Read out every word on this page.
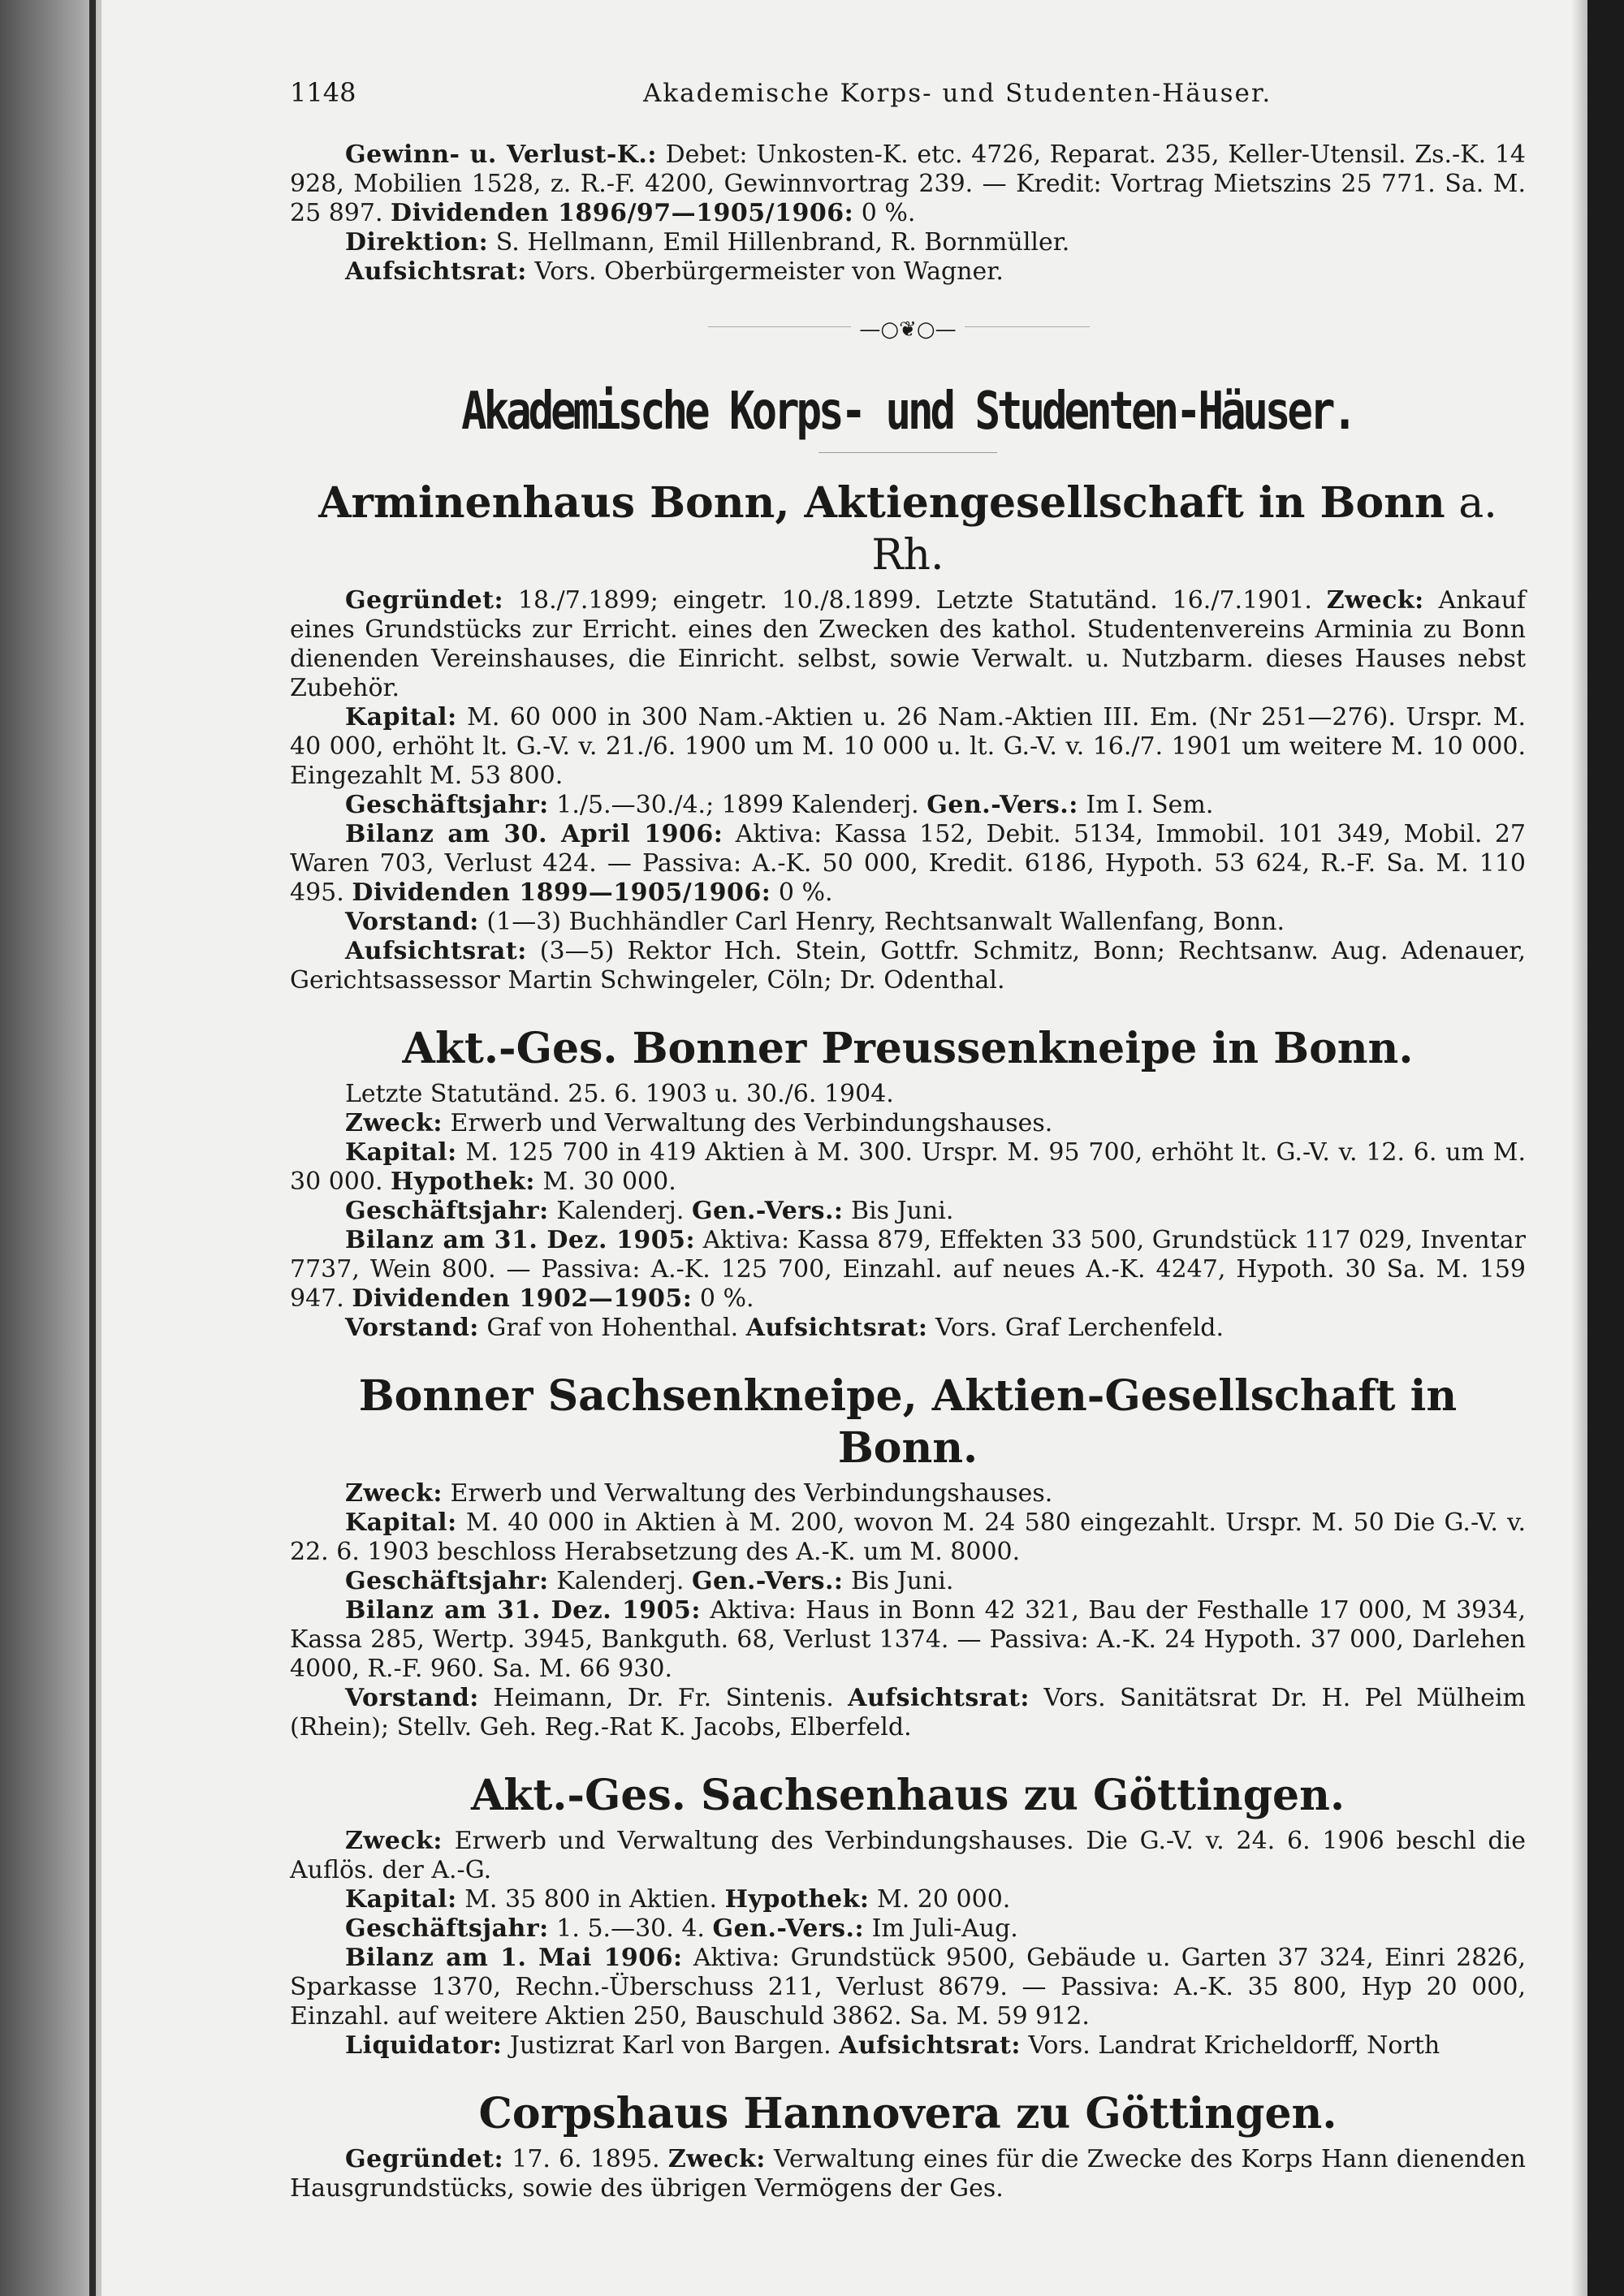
1148	Akademische Korps- und Studenten-Häuser.

Gewinn- u. Verlust-K.: Debet: Unkosten-K. etc. 4726, Reparat. 235, Keller-Utensil. Zs.-K. 14 928, Mobilien 1528, z. R.-F. 4200, Gewinnvortrag 239. — Kredit: Vortrag Mietszins 25 771. Sa. M. 25 897. Dividenden 1896/97—1905/1906: 0 %.

Direktion: S. Hellmann, Emil Hillenbrand, R. Bornmüller.

Aufsichtsrat: Vors. Oberbürgermeister von Wagner.

—○❦○—
Akademische Korps- und Studenten-Häuser.
Arminenhaus Bonn, Aktiengesellschaft in Bonn a. Rh.

Gegründet: 18./7.1899; eingetr. 10./8.1899. Letzte Statutänd. 16./7.1901. Zweck: Ankauf eines Grundstücks zur Erricht. eines den Zwecken des kathol. Studentenvereins Arminia zu Bonn dienenden Vereinshauses, die Einricht. selbst, sowie Verwalt. u. Nutzbarm. dieses Hauses nebst Zubehör.

Kapital: M. 60 000 in 300 Nam.-Aktien u. 26 Nam.-Aktien III. Em. (Nr 251—276). Urspr. M. 40 000, erhöht lt. G.-V. v. 21./6. 1900 um M. 10 000 u. lt. G.-V. v. 16./7. 1901 um weitere M. 10 000. Eingezahlt M. 53 800.

Geschäftsjahr: 1./5.—30./4.; 1899 Kalenderj. Gen.-Vers.: Im I. Sem.

Bilanz am 30. April 1906: Aktiva: Kassa 152, Debit. 5134, Immobil. 101 349, Mobil. 27 Waren 703, Verlust 424. — Passiva: A.-K. 50 000, Kredit. 6186, Hypoth. 53 624, R.-F. Sa. M. 110 495. Dividenden 1899—1905/1906: 0 %.

Vorstand: (1—3) Buchhändler Carl Henry, Rechtsanwalt Wallenfang, Bonn.

Aufsichtsrat: (3—5) Rektor Hch. Stein, Gottfr. Schmitz, Bonn; Rechtsanw. Aug. Adenauer, Gerichtsassessor Martin Schwingeler, Cöln; Dr. Odenthal.

Akt.-Ges. Bonner Preussenkneipe in Bonn.

Letzte Statutänd. 25. 6. 1903 u. 30./6. 1904.

Zweck: Erwerb und Verwaltung des Verbindungshauses.

Kapital: M. 125 700 in 419 Aktien à M. 300. Urspr. M. 95 700, erhöht lt. G.-V. v. 12. 6. um M. 30 000. Hypothek: M. 30 000.

Geschäftsjahr: Kalenderj. Gen.-Vers.: Bis Juni.

Bilanz am 31. Dez. 1905: Aktiva: Kassa 879, Effekten 33 500, Grundstück 117 029, Inventar 7737, Wein 800. — Passiva: A.-K. 125 700, Einzahl. auf neues A.-K. 4247, Hypoth. 30 Sa. M. 159 947. Dividenden 1902—1905: 0 %.

Vorstand: Graf von Hohenthal. Aufsichtsrat: Vors. Graf Lerchenfeld.

Bonner Sachsenkneipe, Aktien-Gesellschaft in Bonn.

Zweck: Erwerb und Verwaltung des Verbindungshauses.

Kapital: M. 40 000 in Aktien à M. 200, wovon M. 24 580 eingezahlt. Urspr. M. 50 Die G.-V. v. 22. 6. 1903 beschloss Herabsetzung des A.-K. um M. 8000.

Geschäftsjahr: Kalenderj. Gen.-Vers.: Bis Juni.

Bilanz am 31. Dez. 1905: Aktiva: Haus in Bonn 42 321, Bau der Festhalle 17 000, M 3934, Kassa 285, Wertp. 3945, Bankguth. 68, Verlust 1374. — Passiva: A.-K. 24 Hypoth. 37 000, Darlehen 4000, R.-F. 960. Sa. M. 66 930.

Vorstand: Heimann, Dr. Fr. Sintenis. Aufsichtsrat: Vors. Sanitätsrat Dr. H. Pel Mülheim (Rhein); Stellv. Geh. Reg.-Rat K. Jacobs, Elberfeld.

Akt.-Ges. Sachsenhaus zu Göttingen.

Zweck: Erwerb und Verwaltung des Verbindungshauses. Die G.-V. v. 24. 6. 1906 beschl die Auflös. der A.-G.

Kapital: M. 35 800 in Aktien. Hypothek: M. 20 000.

Geschäftsjahr: 1. 5.—30. 4. Gen.-Vers.: Im Juli-Aug.

Bilanz am 1. Mai 1906: Aktiva: Grundstück 9500, Gebäude u. Garten 37 324, Einri 2826, Sparkasse 1370, Rechn.-Überschuss 211, Verlust 8679. — Passiva: A.-K. 35 800, Hyp 20 000, Einzahl. auf weitere Aktien 250, Bauschuld 3862. Sa. M. 59 912.

Liquidator: Justizrat Karl von Bargen. Aufsichtsrat: Vors. Landrat Kricheldorff, North

Corpshaus Hannovera zu Göttingen.

Gegründet: 17. 6. 1895. Zweck: Verwaltung eines für die Zwecke des Korps Hann dienenden Hausgrundstücks, sowie des übrigen Vermögens der Ges.
